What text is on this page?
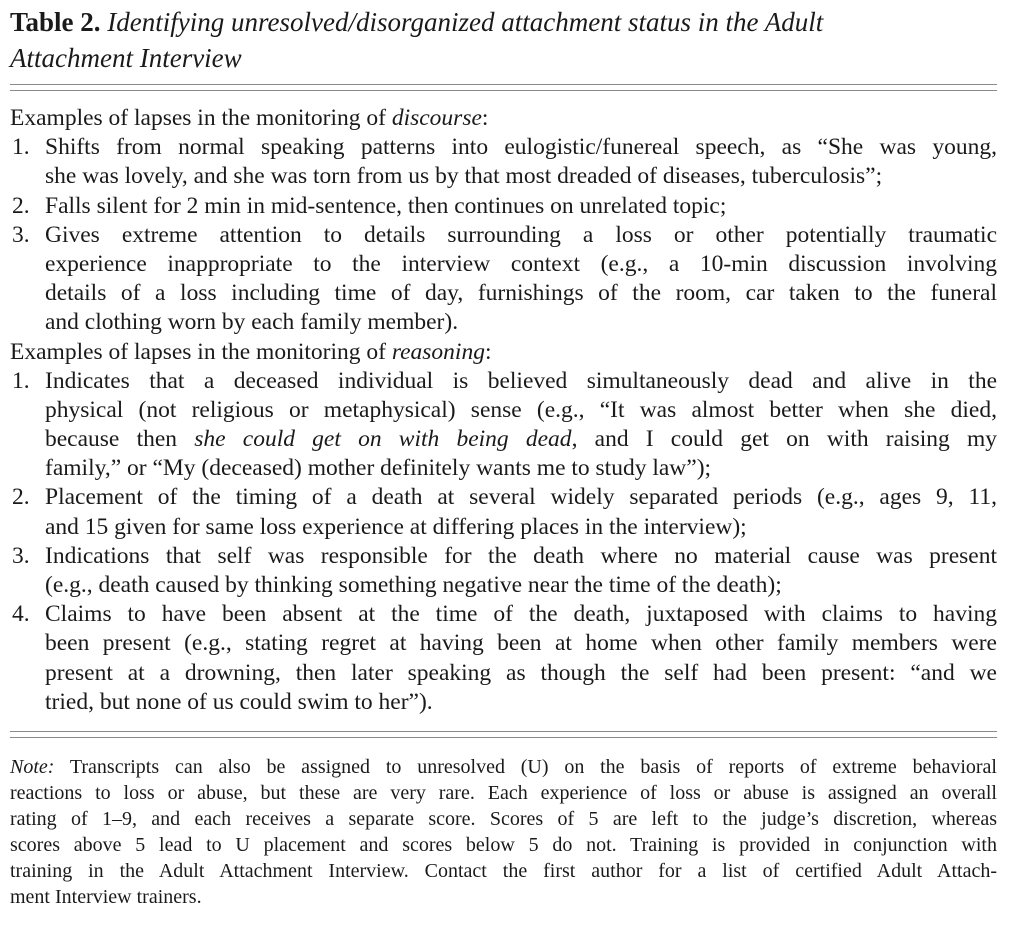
Table 2. Identifying unresolved/disorganized attachment status in the Adult
Attachment Interview
Examples of lapses in the monitoring of discourse:
1. Shifts from normal speaking patterns into eulogistic/funereal speech, as “She was young,
she was lovely, and she was torn from us by that most dreaded of diseases, tuberculosis”;
2. Falls silent for 2 min in mid-sentence, then continues on unrelated topic;
3. Gives extreme attention to details surrounding a loss or other potentially traumatic
experience inappropriate to the interview context (e.g., a 10-min discussion involving
details of a loss including time of day, furnishings of the room, car taken to the funeral
and clothing worn by each family member).
Examples of lapses in the monitoring of reasoning:
1. Indicates that a deceased individual is believed simultaneously dead and alive in the
physical (not religious or metaphysical) sense (e.g., “It was almost better when she died,
because then she could get on with being dead, and I could get on with raising my
family,” or “My (deceased) mother definitely wants me to study law”);
2. Placement of the timing of a death at several widely separated periods (e.g., ages 9, 11,
and 15 given for same loss experience at differing places in the interview);
3. Indications that self was responsible for the death where no material cause was present
(e.g., death caused by thinking something negative near the time of the death);
4. Claims to have been absent at the time of the death, juxtaposed with claims to having
been present (e.g., stating regret at having been at home when other family members were
present at a drowning, then later speaking as though the self had been present: “and we
tried, but none of us could swim to her”).
Note: Transcripts can also be assigned to unresolved (U) on the basis of reports of extreme behavioral
reactions to loss or abuse, but these are very rare. Each experience of loss or abuse is assigned an overall
rating of 1–9, and each receives a separate score. Scores of 5 are left to the judge’s discretion, whereas
scores above 5 lead to U placement and scores below 5 do not. Training is provided in conjunction with
training in the Adult Attachment Interview. Contact the first author for a list of certified Adult Attach-
ment Interview trainers.
